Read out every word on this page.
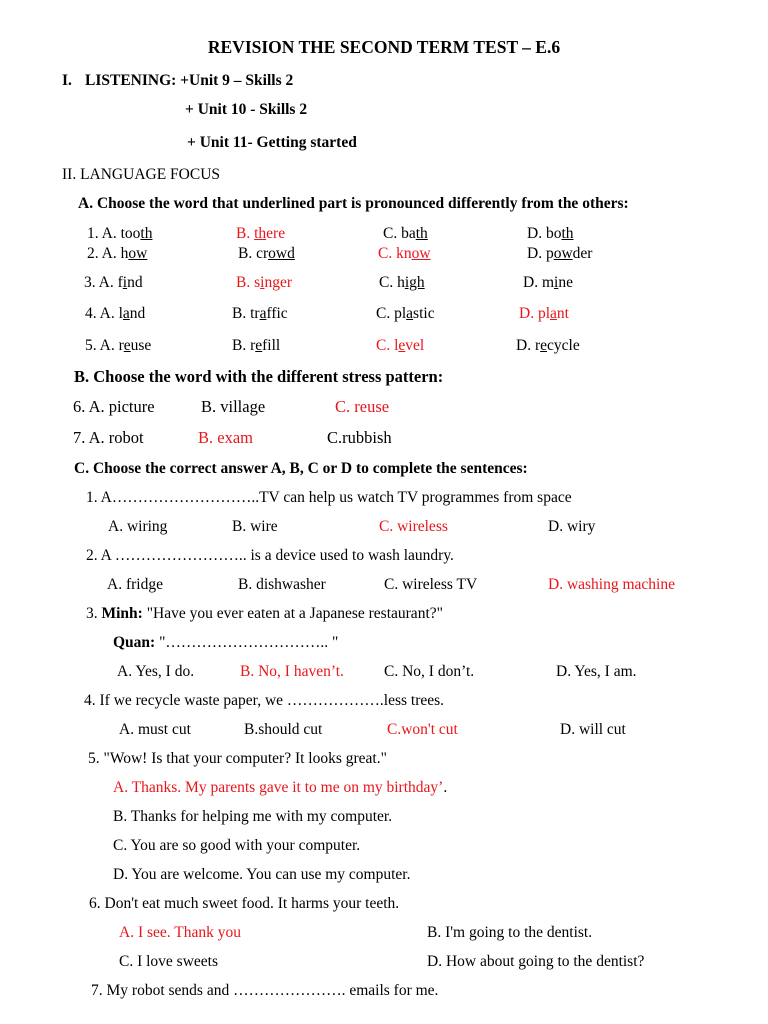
REVISION THE SECOND TERM TEST – E.6
I. LISTENING: +Unit 9 – Skills 2
+ Unit 10 - Skills 2
+ Unit 11- Getting started
II. LANGUAGE FOCUS
A. Choose the word that underlined part is pronounced differently from the others:
1. A. tooth	B. there	C. bath	D. both
2. A. how	B. crowd	C. know	D. powder
3. A. find	B. singer	C. high	D. mine
4. A. land	B. traffic	C. plastic	D. plant
5. A. reuse	B. refill	C. level	D. recycle
B. Choose the word with the different stress pattern:
6. A. picture	B. village	C. reuse
7. A. robot	B. exam	C.rubbish
C. Choose the correct answer A, B, C or D to complete the sentences:
1. A………………………..TV can help us watch TV programmes from space
A. wiring	B. wire	C. wireless	D. wiry
2. A …………………….. is a device used to wash laundry.
A. fridge	B. dishwasher	C. wireless TV	D. washing machine
3. Minh: "Have you ever eaten at a Japanese restaurant?"
Quan: "………………………….. "
A. Yes, I do.	B. No, I haven’t.	C. No, I don’t.	D. Yes, I am.
4. If we recycle waste paper, we ……………….less trees.
A. must cut	B.should cut	C.won't cut	D. will cut
5. "Wow! Is that your computer? It looks great."
A. Thanks. My parents gave it to me on my birthday’.
B. Thanks for helping me with my computer.
C. You are so good with your computer.
D. You are welcome. You can use my computer.
6. Don't eat much sweet food. It harms your teeth.
A. I see. Thank you	B. I'm going to the dentist.
C. I love sweets	D. How about going to the dentist?
7. My robot sends and …………………. emails for me.
